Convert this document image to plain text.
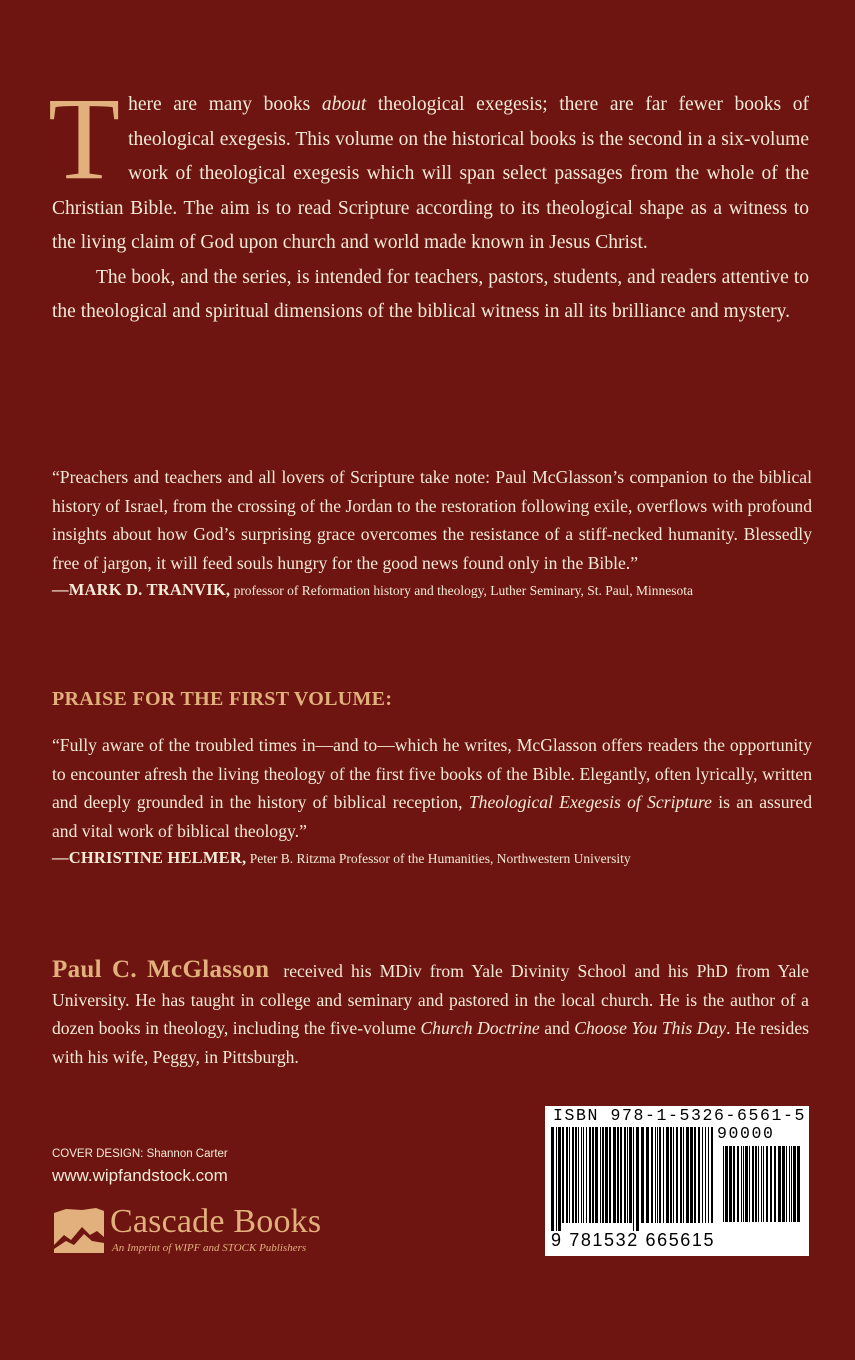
There are many books about theological exegesis; there are far fewer books of theological exegesis. This volume on the historical books is the second in a six-volume work of theological exegesis which will span select passages from the whole of the Christian Bible. The aim is to read Scripture according to its theological shape as a witness to the living claim of God upon church and world made known in Jesus Christ.

The book, and the series, is intended for teachers, pastors, students, and readers attentive to the theological and spiritual dimensions of the biblical witness in all its brilliance and mystery.

“Preachers and teachers and all lovers of Scripture take note: Paul McGlasson’s companion to the biblical history of Israel, from the crossing of the Jordan to the restoration following exile, overflows with profound insights about how God’s surprising grace overcomes the resistance of a stiff-necked humanity. Blessedly free of jargon, it will feed souls hungry for the good news found only in the Bible.”

—MARK D. TRANVIK, professor of Reformation history and theology, Luther Seminary, St. Paul, Minnesota

PRAISE FOR THE FIRST VOLUME:

“Fully aware of the troubled times in—and to—which he writes, McGlasson offers readers the opportunity to encounter afresh the living theology of the first five books of the Bible. Elegantly, often lyrically, written and deeply grounded in the history of biblical reception, Theological Exegesis of Scripture is an assured and vital work of biblical theology.”

—CHRISTINE HELMER, Peter B. Ritzma Professor of the Humanities, Northwestern University

Paul C. McGlasson received his MDiv from Yale Divinity School and his PhD from Yale University. He has taught in college and seminary and pastored in the local church. He is the author of a dozen books in theology, including the five-volume Church Doctrine and Choose You This Day. He resides with his wife, Peggy, in Pittsburgh.

COVER DESIGN: Shannon Carter

www.wipfandstock.com

Cascade Books
An Imprint of WIPF and STOCK Publishers
ISBN 978-1-5326-6561-5
90000
9 781532 665615
